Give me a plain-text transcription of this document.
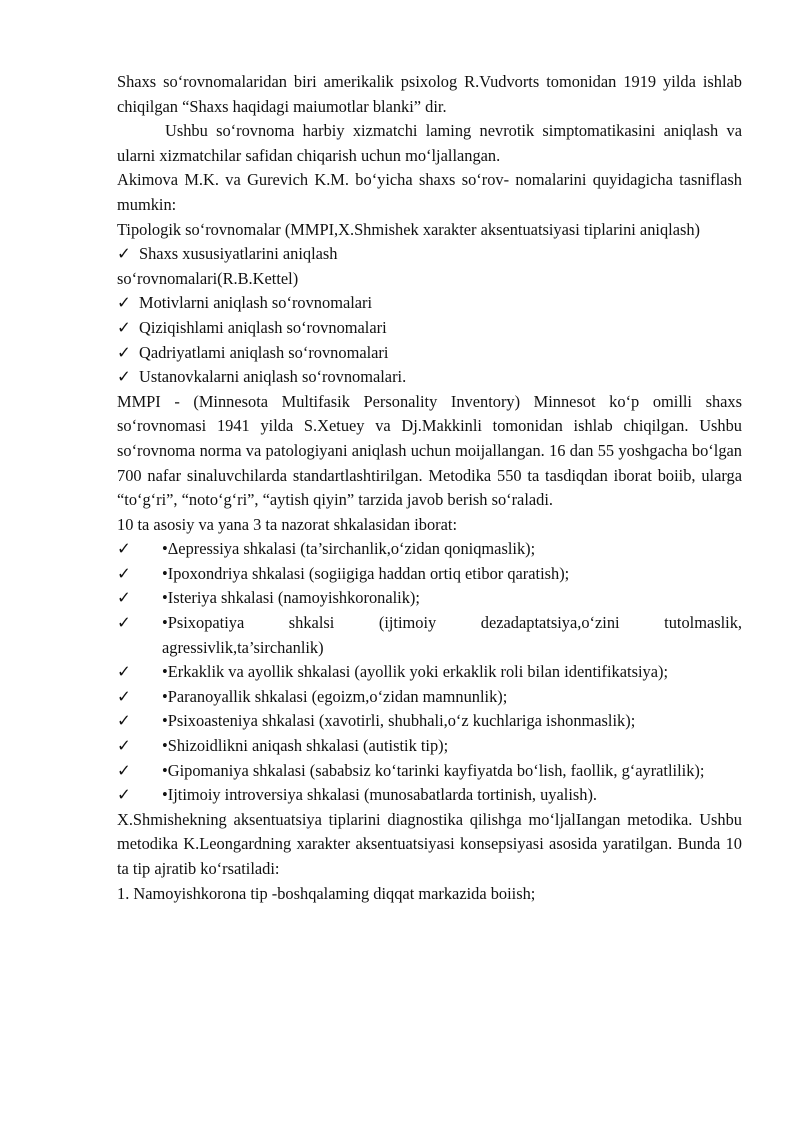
Shaxs so‘rovnomalaridan biri amerikalik psixolog R.Vudvorts tomonidan 1919 yilda ishlab chiqilgan “Shaxs haqidagi maiumotlar blanki” dir.

Ushbu so‘rovnoma harbiy xizmatchi laming nevrotik simptomatikasini aniqlash va ularni xizmatchilar safidan chiqarish uchun mo‘ljallangan.

Akimova M.K. va Gurevich K.M. bo‘yicha shaxs so‘rov- nomalarini quyidagicha tasniflash mumkin:

Tipologik so‘rovnomalar (MMPI,X.Shmishek xarakter aksentuatsiyasi tiplarini aniqlash)

✓ Shaxs xususiyatlarini aniqlash
so‘rovnomalari(R.B.Kettel)
✓ Motivlarni aniqlash so‘rovnomalari
✓ Qiziqishlami aniqlash so‘rovnomalari
✓ Qadriyatlami aniqlash so‘rovnomalari
✓ Ustanovkalarni aniqlash so‘rovnomalari.

MMPI - (Minnesota Multifasik Personality Inventory) Minnesot ko‘p omilli shaxs so‘rovnomasi 1941 yilda S.Xetuey va Dj.Makkinli tomonidan ishlab chiqilgan. Ushbu so‘rovnoma norma va patologiyani aniqlash uchun moijallangan. 16 dan 55 yoshgacha bo‘lgan 700 nafar sinaluvchilarda standartlashtirilgan. Metodika 550 ta tasdiqdan iborat boiib, ularga “to‘g‘ri”, “noto‘g‘ri”, “aytish qiyin” tarzida javob berish so‘raladi.

10 ta asosiy va yana 3 ta nazorat shkalasidan iborat:

✓	•Δepressiya shkalasi (ta’sirchanlik,o‘zidan qoniqmaslik);
✓	•Ipoxondriya shkalasi (sogiigiga haddan ortiq etibor qaratish);
✓	•Isteriya shkalasi (namoyishkoronalik);
✓	•Psixopatiya shkalsi (ijtimoiy dezadaptatsiya,o‘zini tutolmaslik, agressivlik,ta’sirchanlik)
✓	•Erkaklik va ayollik shkalasi (ayollik yoki erkaklik roli bilan identifikatsiya);
✓	•Paranoyallik shkalasi (egoizm,o‘zidan mamnunlik);
✓	•Psixoasteniya shkalasi (xavotirli, shubhali,o‘z kuchlariga ishonmaslik);
✓	•Shizoidlikni aniqash shkalasi (autistik tip);
✓	•Gipomaniya shkalasi (sababsiz ko‘tarinki kayfiyatda bo‘lish, faollik, g‘ayratlilik);
✓	•Ijtimoiy introversiya shkalasi (munosabatlarda tortinish, uyalish).

X.Shmishekning aksentuatsiya tiplarini diagnostika qilishga mo‘ljalIangan metodika. Ushbu metodika K.Leongardning xarakter aksentuatsiyasi konsepsiyasi asosida yaratilgan. Bunda 10 ta tip ajratib ko‘rsatiladi:

1. Namoyishkorona tip -boshqalaming diqqat markazida boiish;
